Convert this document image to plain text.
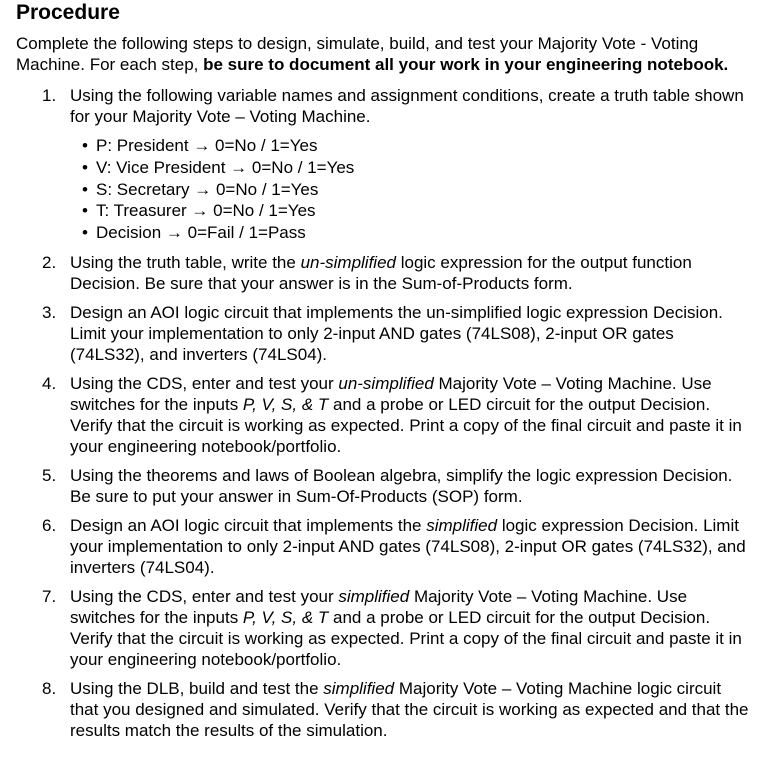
Procedure

Complete the following steps to design, simulate, build, and test your Majority Vote - Voting Machine. For each step, be sure to document all your work in your engineering notebook.

1. Using the following variable names and assignment conditions, create a truth table shown for your Majority Vote – Voting Machine.
• P: President → 0=No / 1=Yes
• V: Vice President → 0=No / 1=Yes
• S: Secretary → 0=No / 1=Yes
• T: Treasurer → 0=No / 1=Yes
• Decision → 0=Fail / 1=Pass
2. Using the truth table, write the un-simplified logic expression for the output function Decision. Be sure that your answer is in the Sum-of-Products form.
3. Design an AOI logic circuit that implements the un-simplified logic expression Decision. Limit your implementation to only 2-input AND gates (74LS08), 2-input OR gates (74LS32), and inverters (74LS04).
4. Using the CDS, enter and test your un-simplified Majority Vote – Voting Machine. Use switches for the inputs P, V, S, & T and a probe or LED circuit for the output Decision. Verify that the circuit is working as expected. Print a copy of the final circuit and paste it in your engineering notebook/portfolio.
5. Using the theorems and laws of Boolean algebra, simplify the logic expression Decision. Be sure to put your answer in Sum-Of-Products (SOP) form.
6. Design an AOI logic circuit that implements the simplified logic expression Decision. Limit your implementation to only 2-input AND gates (74LS08), 2-input OR gates (74LS32), and inverters (74LS04).
7. Using the CDS, enter and test your simplified Majority Vote – Voting Machine. Use switches for the inputs P, V, S, & T and a probe or LED circuit for the output Decision. Verify that the circuit is working as expected. Print a copy of the final circuit and paste it in your engineering notebook/portfolio.
8. Using the DLB, build and test the simplified Majority Vote – Voting Machine logic circuit that you designed and simulated. Verify that the circuit is working as expected and that the results match the results of the simulation.
